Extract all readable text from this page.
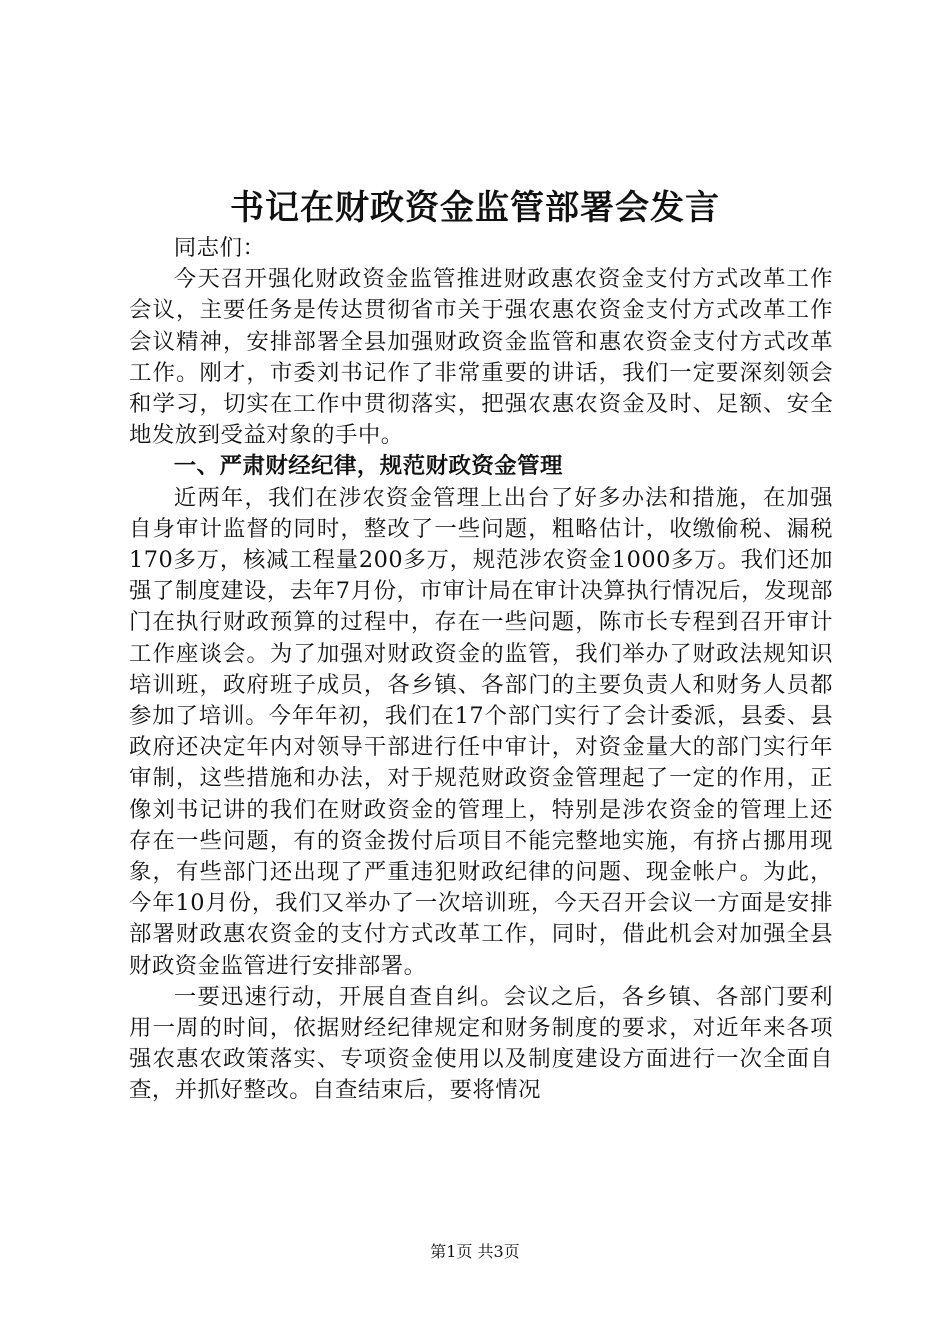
书记在财政资金监管部署会发言

同志们：

今天召开强化财政资金监管推进财政惠农资金支付方式改革工作会议，主要任务是传达贯彻省市关于强农惠农资金支付方式改革工作会议精神，安排部署全县加强财政资金监管和惠农资金支付方式改革工作。刚才，市委刘书记作了非常重要的讲话，我们一定要深刻领会和学习，切实在工作中贯彻落实，把强农惠农资金及时、足额、安全地发放到受益对象的手中。

一、严肃财经纪律，规范财政资金管理

近两年，我们在涉农资金管理上出台了好多办法和措施，在加强自身审计监督的同时，整改了一些问题，粗略估计，收缴偷税、漏税170多万，核减工程量200多万，规范涉农资金1000多万。我们还加强了制度建设，去年7月份，市审计局在审计决算执行情况后，发现部门在执行财政预算的过程中，存在一些问题，陈市长专程到召开审计工作座谈会。为了加强对财政资金的监管，我们举办了财政法规知识培训班，政府班子成员，各乡镇、各部门的主要负责人和财务人员都参加了培训。今年年初，我们在17个部门实行了会计委派，县委、县政府还决定年内对领导干部进行任中审计，对资金量大的部门实行年审制，这些措施和办法，对于规范财政资金管理起了一定的作用，正像刘书记讲的我们在财政资金的管理上，特别是涉农资金的管理上还存在一些问题，有的资金拨付后项目不能完整地实施，有挤占挪用现象，有些部门还出现了严重违犯财政纪律的问题、现金帐户。为此，今年10月份，我们又举办了一次培训班，今天召开会议一方面是安排部署财政惠农资金的支付方式改革工作，同时，借此机会对加强全县财政资金监管进行安排部署。

一要迅速行动，开展自查自纠。会议之后，各乡镇、各部门要利用一周的时间，依据财经纪律规定和财务制度的要求，对近年来各项强农惠农政策落实、专项资金使用以及制度建设方面进行一次全面自查，并抓好整改。自查结束后，要将情况

第1页 共3页
